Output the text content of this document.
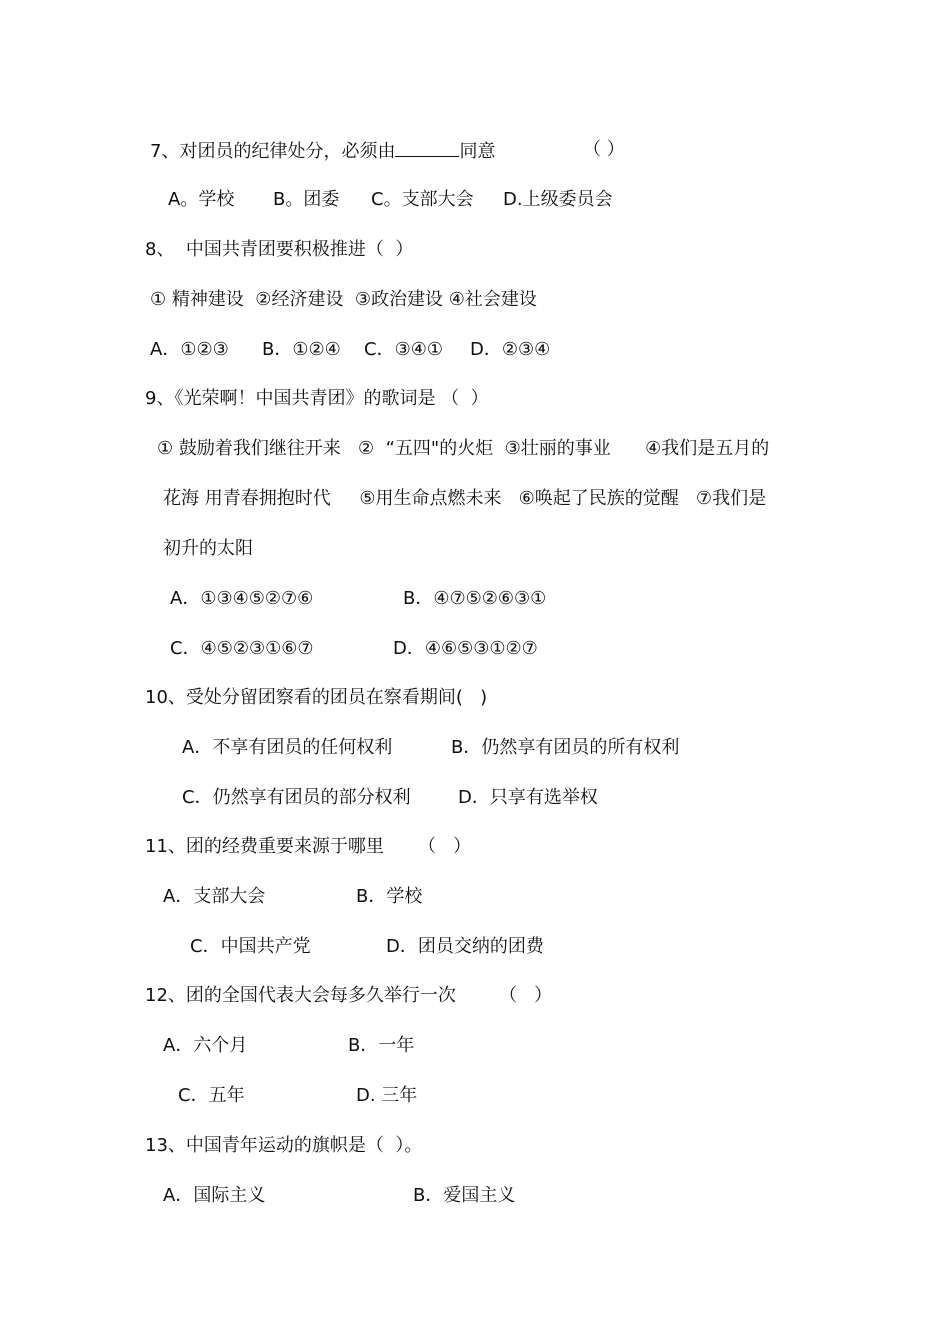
7、对团员的纪律处分，必须由	同意	（ ）
A。学校 B。团委 C。支部大会 D.上级委员会
8、  中国共青团要积极推进（  ）
① 精神建设  ②经济建设  ③政治建设 ④社会建设
A．①②③ B．①②④ C．③④① D．②③④
9、《光荣啊！中国共青团》的歌词是 （  ）
① 鼓励着我们继往开来   ②  “五四"的火炬  ③壮丽的事业      ④我们是五月的
花海 用青春拥抱时代     ⑤用生命点燃未来   ⑥唤起了民族的觉醒   ⑦我们是
初升的太阳
A．①③④⑤②⑦⑥	B．④⑦⑤②⑥③①
C．④⑤②③①⑥⑦	D．④⑥⑤③①②⑦
10、受处分留团察看的团员在察看期间(   )
A．不享有团员的任何权利	B．仍然享有团员的所有权利
C．仍然享有团员的部分权利	D．只享有选举权
11、团的经费重要来源于哪里 （   ）
A．支部大会	B．学校
C．中国共产党	D．团员交纳的团费
12、团的全国代表大会每多久举行一次 （   ）
A．六个月	B．一年
C．五年	D. 三年
13、中国青年运动的旗帜是（  ）。
A．国际主义	B．爱国主义
